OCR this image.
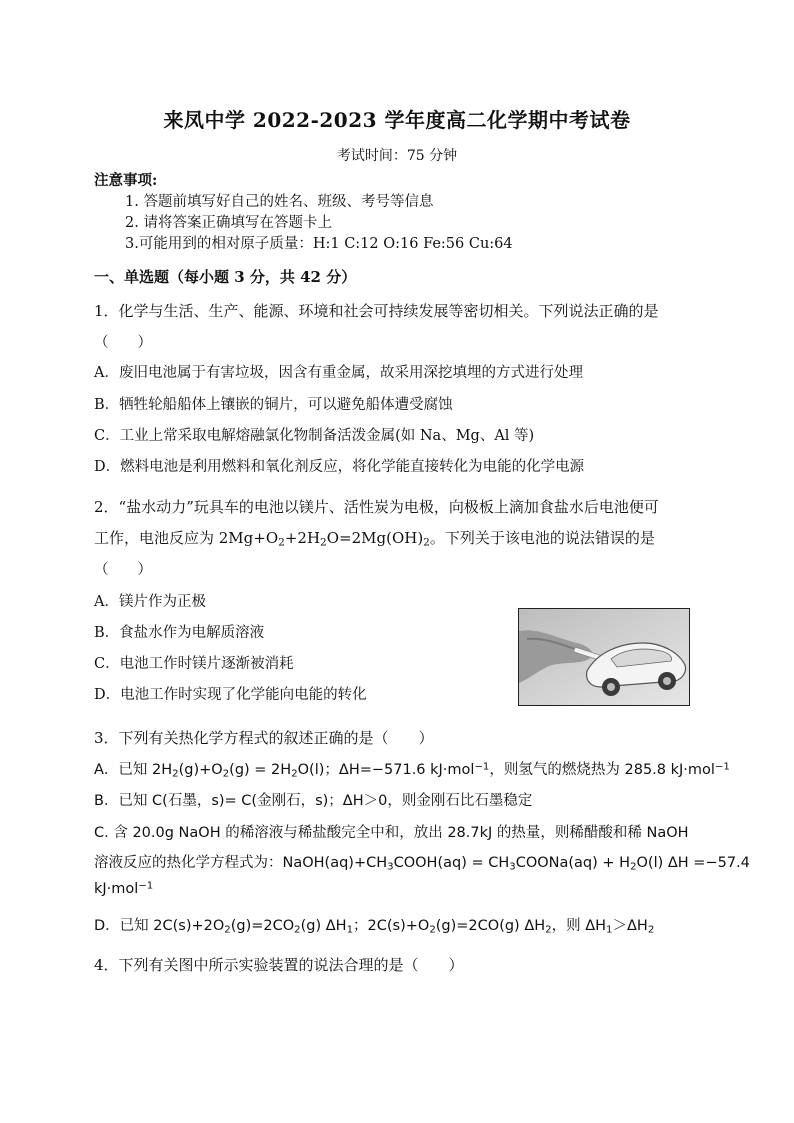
来凤中学 2022-2023 学年度高二化学期中考试卷
考试时间：75 分钟
注意事项:
1. 答题前填写好自己的姓名、班级、考号等信息
2. 请将答案正确填写在答题卡上
3.可能用到的相对原子质量：H:1 C:12 O:16 Fe:56 Cu:64
一、单选题（每小题 3 分，共 42 分）
1．化学与生活、生产、能源、环境和社会可持续发展等密切相关。下列说法正确的是
（　　）
A．废旧电池属于有害垃圾，因含有重金属，故采用深挖填埋的方式进行处理
B．牺牲轮船船体上镶嵌的铜片，可以避免船体遭受腐蚀
C．工业上常采取电解熔融氯化物制备活泼金属(如 Na、Mg、Al 等)
D．燃料电池是利用燃料和氧化剂反应，将化学能直接转化为电能的化学电源
2．“盐水动力”玩具车的电池以镁片、活性炭为电极，向极板上滴加食盐水后电池便可
工作，电池反应为 $2Mg+O_2+2H_2O=2Mg(OH)_2$。下列关于该电池的说法错误的是
（　　）
A．镁片作为正极
B．食盐水作为电解质溶液
C．电池工作时镁片逐渐被消耗
D．电池工作时实现了化学能向电能的转化
3．下列有关热化学方程式的叙述正确的是（　　）
A．已知 $2H_2(g)+O_2(g) = 2H_2O(l)$；ΔH=−571.6 kJ·mol$^{-1}$，则氢气的燃烧热为 285.8 kJ·mol$^{-1}$
B．已知 C(石墨，s)= C(金刚石，s)；ΔH＞0，则金刚石比石墨稳定
C. 含 20.0g NaOH 的稀溶液与稀盐酸完全中和，放出 28.7kJ 的热量，则稀醋酸和稀 NaOH
溶液反应的热化学方程式为：$NaOH(aq)+CH_3COOH(aq)$ = $CH_3COONa(aq) + H_2O(l)$ ΔH =−57.4
kJ·mol$^{-1}$
D．已知 $2C(s)+2O_2(g)=2CO_2(g)$ $\Delta H_1$；$2C(s)+O_2(g)=2CO(g)$ $\Delta H_2$，则 $\Delta H_1>\Delta H_2$
4．下列有关图中所示实验装置的说法合理的是（　　）
